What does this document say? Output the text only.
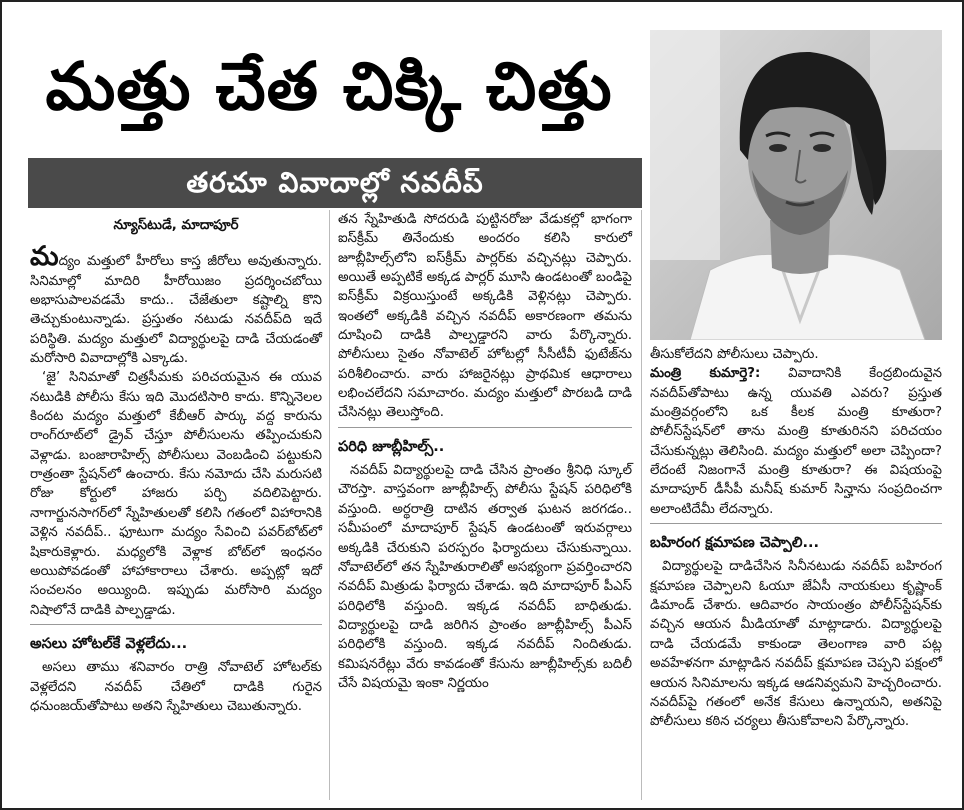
మత్తు చేత చిక్కి చిత్తు
తరచూ వివాదాల్లో నవదీప్

న్యూస్‌టుడే, మాదాపూర్

మద్యం మత్తులో హీరోలు కాస్త జీరోలు అవుతున్నారు. సినిమాల్లో మాదిరి హీరోయిజం ప్రదర్శించబోయి అభాసుపాలవడమే కాదు.. చేజేతులా కష్టాల్ని కొని తెచ్చుకుంటున్నాడు. ప్రస్తుతం నటుడు నవదీప్‌ది ఇదే పరిస్థితి. మద్యం మత్తులో విద్యార్థులపై దాడి చేయడంతో మరోసారి వివాదాల్లోకి ఎక్కాడు.

‘జై’ సినిమాతో చిత్రసీమకు పరిచయమైన ఈ యువ నటుడికి పోలీసు కేసు ఇది మొదటిసారి కాదు. కొన్నినెలల కిందట మద్యం మత్తులో కేబీఆర్ పార్కు వద్ద కారును రాంగ్‌రూట్‌లో డ్రైవ్ చేస్తూ పోలీసులను తప్పించుకుని వెళ్లాడు. బంజారాహిల్స్ పోలీసులు వెంబడించి పట్టుకుని రాత్రంతా స్టేషన్‌లో ఉంచారు. కేసు నమోదు చేసి మరుసటి రోజు కోర్టులో హాజరు పర్చి వదిలిపెట్టారు. నాగార్జునసాగర్‌లో స్నేహితులతో కలిసి గతంలో విహారానికి వెళ్లిన నవదీప్.. ఫూటుగా మద్యం సేవించి పవర్‌బోట్‌లో షికారుకెళ్లారు. మధ్యలోకి వెళ్లాక బోట్‌లో ఇంధనం అయిపోవడంతో హాహాకారాలు చేశారు. అప్పట్లో ఇదో సంచలనం అయ్యింది. ఇప్పుడు మరోసారి మద్యం నిషాలోనే దాడికి పాల్పడ్డాడు.

అసలు హోటల్‌కే వెళ్లలేదు...

అసలు తాము శనివారం రాత్రి నోవాటెల్ హోటల్‌కు వెళ్లలేదని నవదీప్ చేతిలో దాడికి గురైన ధనుంజయ్‌తోపాటు అతని స్నేహితులు చెబుతున్నారు.

తన స్నేహితుడి సోదరుడి పుట్టినరోజు వేడుకల్లో భాగంగా ఐస్‌క్రీమ్ తినేందుకు అందరం కలిసి కారులో జూబ్లీహిల్స్‌లోని ఐస్‌క్రీమ్ పార్లర్‌కు వచ్చినట్లు చెప్పారు. అయితే అప్పటికే అక్కడ పార్లర్ మూసి ఉండటంతో బండిపై ఐస్‌క్రీమ్ విక్రయిస్తుంటే అక్కడికి వెళ్లినట్లు చెప్పారు. ఇంతలో అక్కడికి వచ్చిన నవదీప్ అకారణంగా తమను దూషించి దాడికి పాల్పడ్డారని వారు పేర్కొన్నారు. పోలీసులు సైతం నోవాటెల్ హోటల్లో సీసీటీవీ ఫుటేజ్‌ను పరిశీలించారు. వారు హాజరైనట్లు ప్రాథమిక ఆధారాలు లభించలేదని సమాచారం. మద్యం మత్తులో పొరబడి దాడి చేసినట్లు తెలుస్తోంది.

పరిధి జూబ్లీహిల్స్..

నవదీప్ విద్యార్థులపై దాడి చేసిన ప్రాంతం శ్రీనిధి స్కూల్ చౌరస్తా. వాస్తవంగా జూబ్లీహిల్స్ పోలీసు స్టేషన్ పరిధిలోకి వస్తుంది. అర్థరాత్రి దాటిన తర్వాత ఘటన జరగడం.. సమీపంలో మాదాపూర్ స్టేషన్ ఉండటంతో ఇరువర్గాలు అక్కడికి చేరుకుని పరస్పరం ఫిర్యాదులు చేసుకున్నాయి. నోవాటెల్‌లో తన స్నేహితురాలితో అసభ్యంగా ప్రవర్తించారని నవదీప్ మిత్రుడు ఫిర్యాదు చేశాడు. ఇది మాదాపూర్ పీఎస్ పరిధిలోకి వస్తుంది. ఇక్కడ నవదీప్ బాధితుడు. విద్యార్థులపై దాడి జరిగిన ప్రాంతం జూబ్లీహిల్స్ పీఎస్ పరిధిలోకి వస్తుంది. ఇక్కడ నవదీప్ నిందితుడు. కమిషనరేట్లు వేరు కావడంతో కేసును జూబ్లీహిల్స్‌కు బదిలీ చేసే విషయమై ఇంకా నిర్ణయం

తీసుకోలేదని పోలీసులు చెప్పారు.

మంత్రి కుమార్తె?: వివాదానికి కేంద్రబిందువైన నవదీప్‌తోపాటు ఉన్న యువతి ఎవరు? ప్రస్తుత మంత్రివర్గంలోని ఒక కీలక మంత్రి కూతురా? పోలీస్‌స్టేషన్‌లో తాను మంత్రి కూతురినని పరిచయం చేసుకున్నట్లు తెలిసింది. మద్యం మత్తులో అలా చెప్పిందా? లేదంటే నిజంగానే మంత్రి కూతురా? ఈ విషయంపై మాదాపూర్ డీసీపీ మనీష్ కుమార్ సిన్హాను సంప్రదించగా అలాంటిదేమీ లేదన్నారు.

బహిరంగ క్షమాపణ చెప్పాలి...

విద్యార్థులపై దాడిచేసిన సినీనటుడు నవదీప్ బహిరంగ క్షమాపణ చెప్పాలని ఓయూ జేఏసీ నాయకులు కృష్ణాంక్ డిమాండ్ చేశారు. ఆదివారం సాయంత్రం పోలీస్‌స్టేషన్‌కు వచ్చిన ఆయన మీడియాతో మాట్లాడారు. విద్యార్థులపై దాడి చేయడమే కాకుండా తెలంగాణ వారి పట్ల అవహేళనగా మాట్లాడిన నవదీప్ క్షమాపణ చెప్పని పక్షంలో ఆయన సినిమాలను ఇక్కడ ఆడనివ్వమని హెచ్చరించారు. నవదీప్‌పై గతంలో అనేక కేసులు ఉన్నాయని, అతనిపై పోలీసులు కఠిన చర్యలు తీసుకోవాలని పేర్కొన్నారు.
